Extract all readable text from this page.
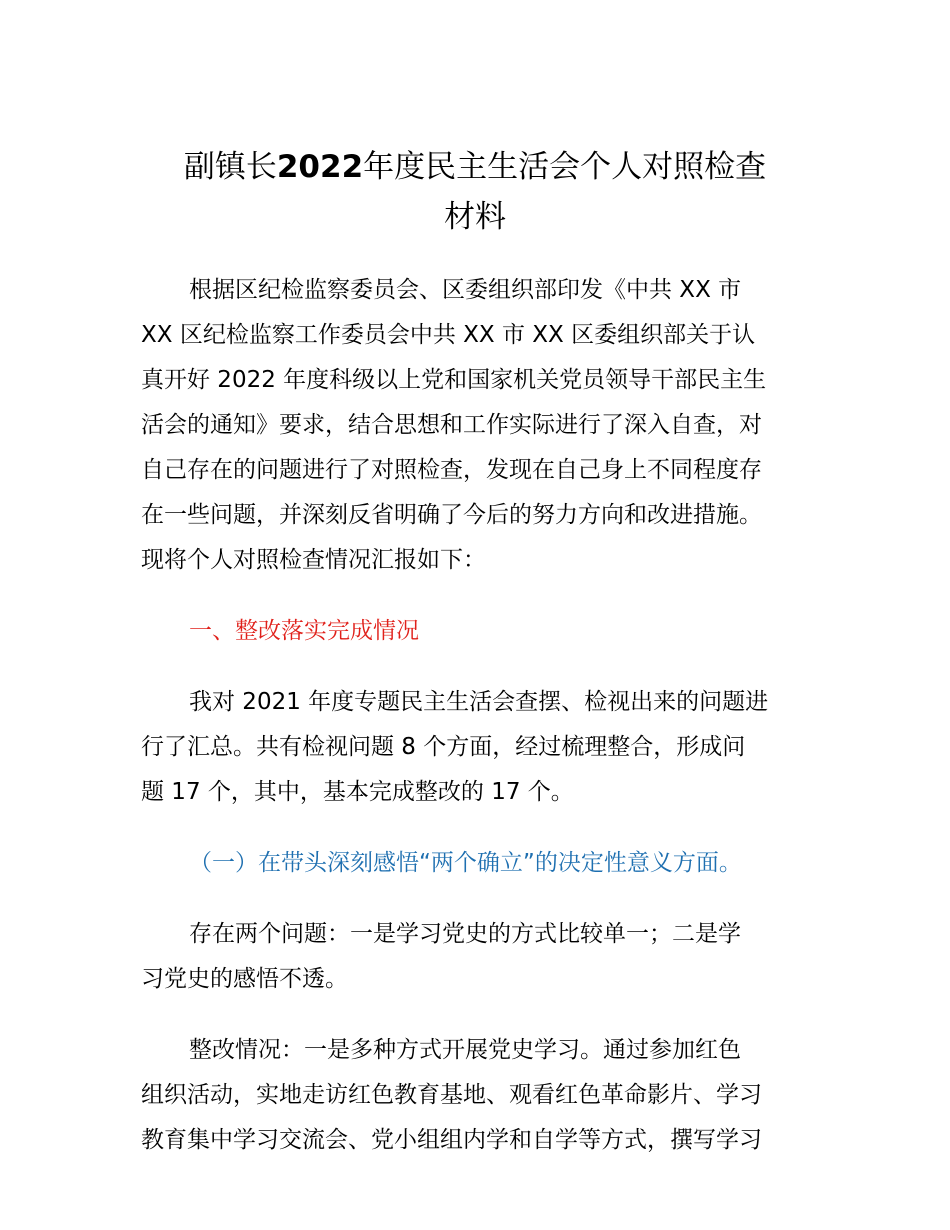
副镇长2022年度民主生活会个人对照检查
材料
根据区纪检监察委员会、区委组织部印发《中共 XX 市
XX 区纪检监察工作委员会中共 XX 市 XX 区委组织部关于认
真开好 2022 年度科级以上党和国家机关党员领导干部民主生
活会的通知》要求，结合思想和工作实际进行了深入自查，对
自己存在的问题进行了对照检查，发现在自己身上不同程度存
在一些问题，并深刻反省明确了今后的努力方向和改进措施。
现将个人对照检查情况汇报如下：
一、整改落实完成情况
我对 2021 年度专题民主生活会查摆、检视出来的问题进
行了汇总。共有检视问题 8 个方面，经过梳理整合，形成问
题 17 个，其中，基本完成整改的 17 个。
（一）在带头深刻感悟“两个确立”的决定性意义方面。
存在两个问题：一是学习党史的方式比较单一；二是学
习党史的感悟不透。
整改情况：一是多种方式开展党史学习。通过参加红色
组织活动，实地走访红色教育基地、观看红色革命影片、学习
教育集中学习交流会、党小组组内学和自学等方式，撰写学习
